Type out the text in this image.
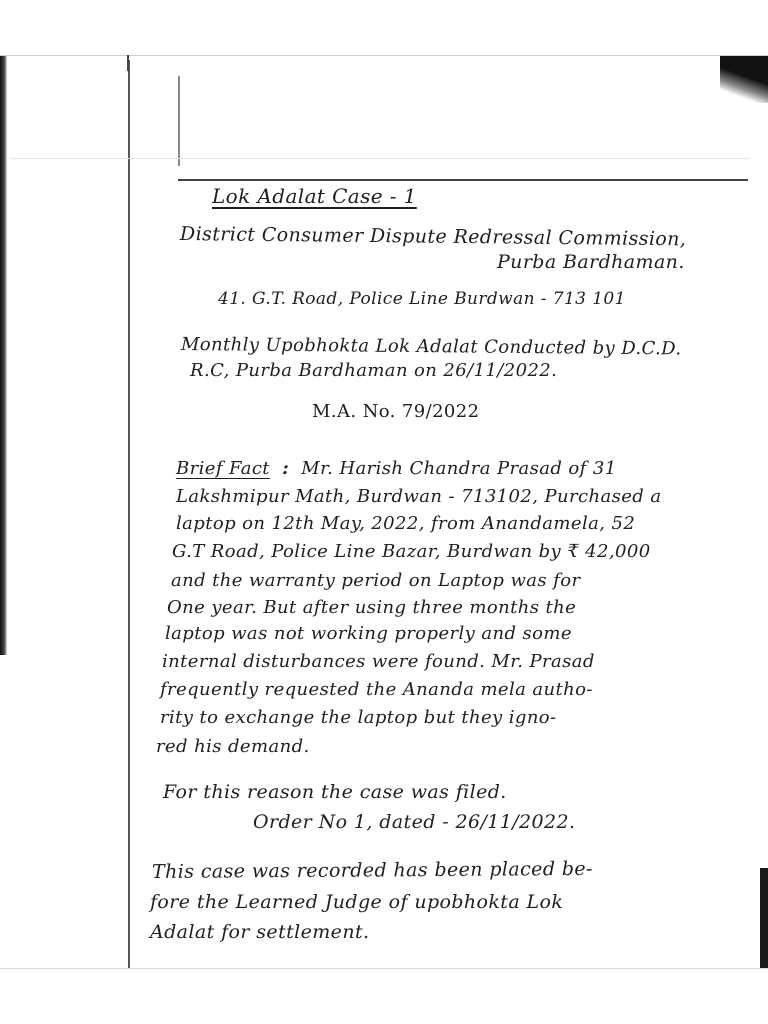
Lok Adalat Case - 1
District Consumer Dispute Redressal Commission,
Purba Bardhaman.
41. G.T. Road, Police Line Burdwan - 713 101
Monthly Upobhokta Lok Adalat Conducted by D.C.D.
R.C, Purba Bardhaman on 26/11/2022.
M.A. No. 79/2022
Brief Fact : Mr. Harish Chandra Prasad of 31
Lakshmipur Math, Burdwan - 713102, Purchased a
laptop on 12th May, 2022, from Anandamela, 52
G.T Road, Police Line Bazar, Burdwan by ₹ 42,000
and the warranty period on Laptop was for
One year. But after using three months the
laptop was not working properly and some
internal disturbances were found. Mr. Prasad
frequently requested the Ananda mela autho-
rity to exchange the laptop but they igno-
red his demand.
For this reason the case was filed.
Order No 1, dated - 26/11/2022.
This case was recorded has been placed be-
fore the Learned Judge of upobhokta Lok
Adalat for settlement.
